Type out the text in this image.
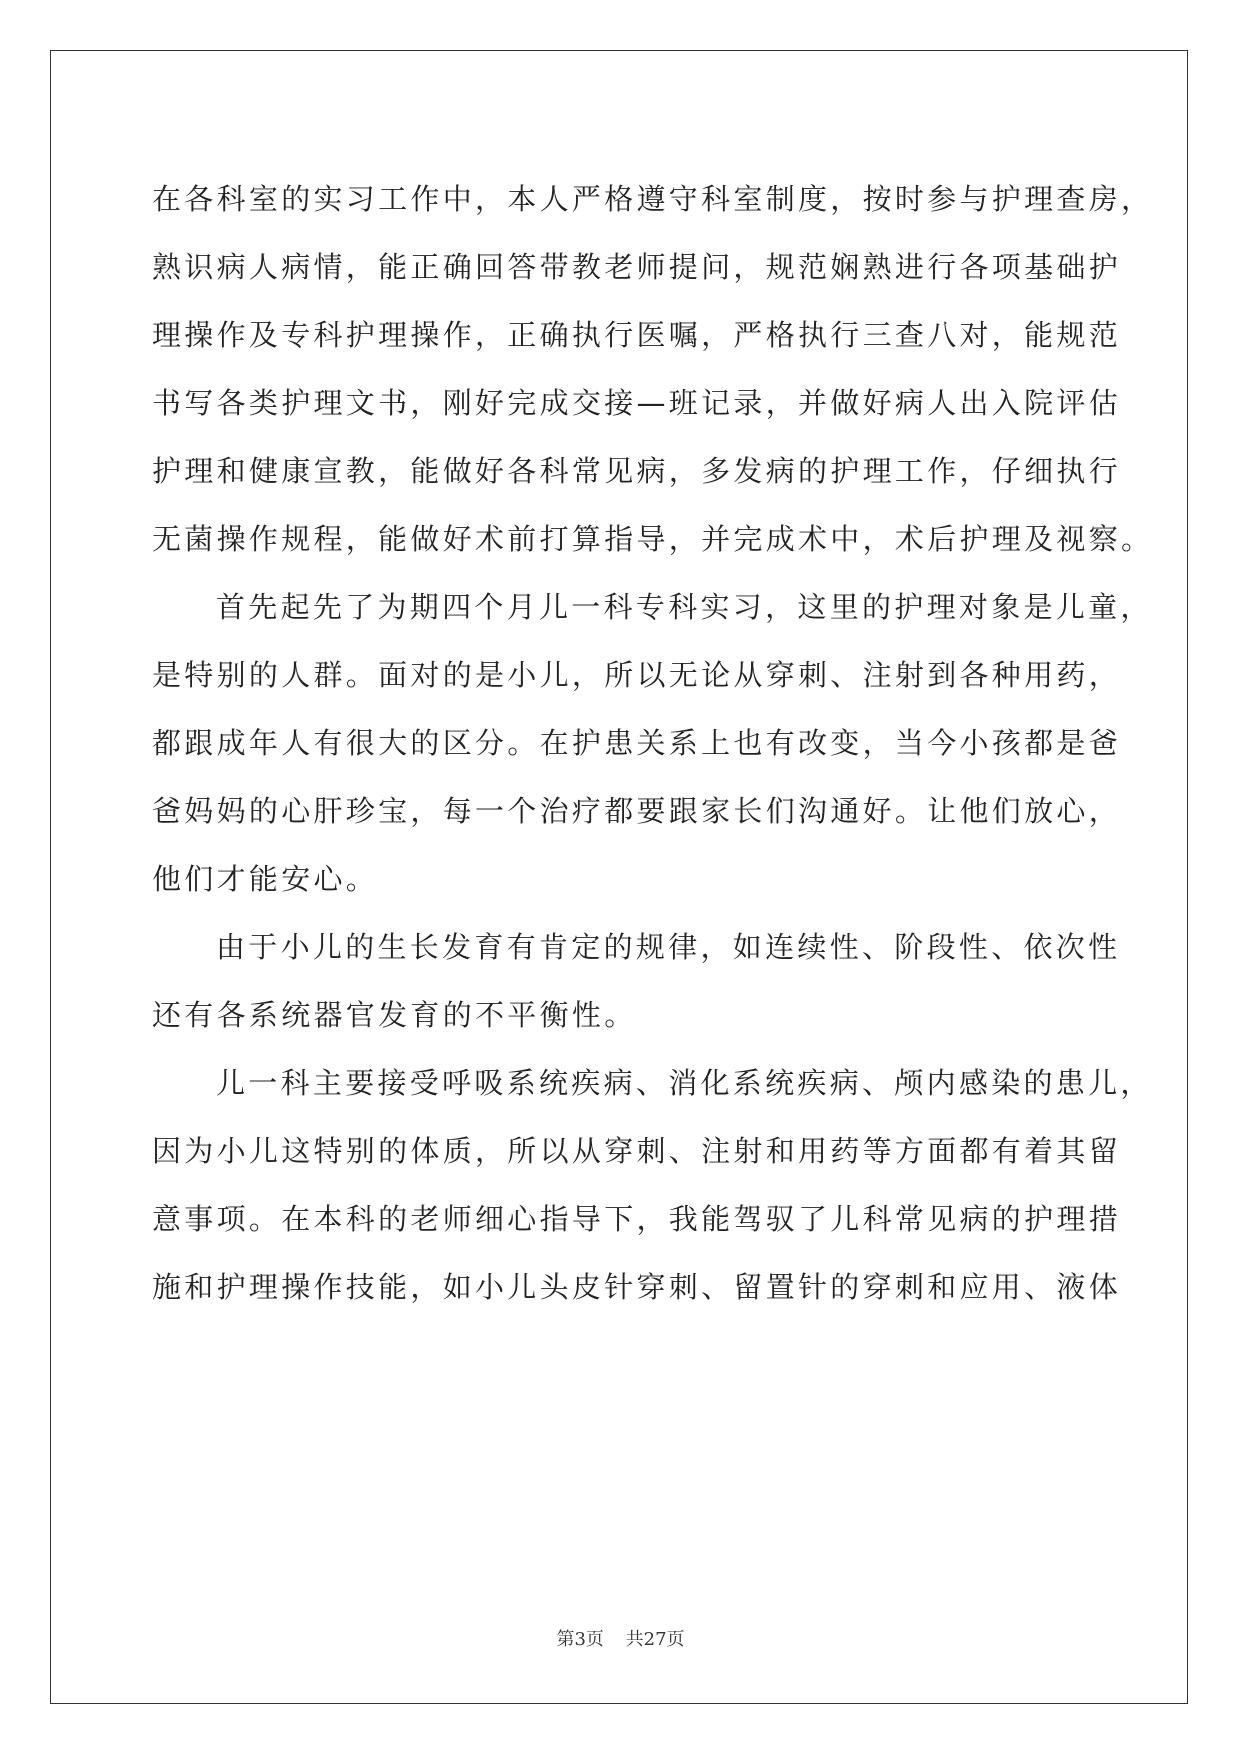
在各科室的实习工作中，本人严格遵守科室制度，按时参与护理查房，
熟识病人病情，能正确回答带教老师提问，规范娴熟进行各项基础护
理操作及专科护理操作，正确执行医嘱，严格执行三查八对，能规范
书写各类护理文书，刚好完成交接—班记录，并做好病人出入院评估
护理和健康宣教，能做好各科常见病，多发病的护理工作，仔细执行
无菌操作规程，能做好术前打算指导，并完成术中，术后护理及视察。
首先起先了为期四个月儿一科专科实习，这里的护理对象是儿童，
是特别的人群。面对的是小儿，所以无论从穿刺、注射到各种用药，
都跟成年人有很大的区分。在护患关系上也有改变，当今小孩都是爸
爸妈妈的心肝珍宝，每一个治疗都要跟家长们沟通好。让他们放心，
他们才能安心。
由于小儿的生长发育有肯定的规律，如连续性、阶段性、依次性
还有各系统器官发育的不平衡性。
儿一科主要接受呼吸系统疾病、消化系统疾病、颅内感染的患儿，
因为小儿这特别的体质，所以从穿刺、注射和用药等方面都有着其留
意事项。在本科的老师细心指导下，我能驾驭了儿科常见病的护理措
施和护理操作技能，如小儿头皮针穿刺、留置针的穿刺和应用、液体
第3页 共27页
